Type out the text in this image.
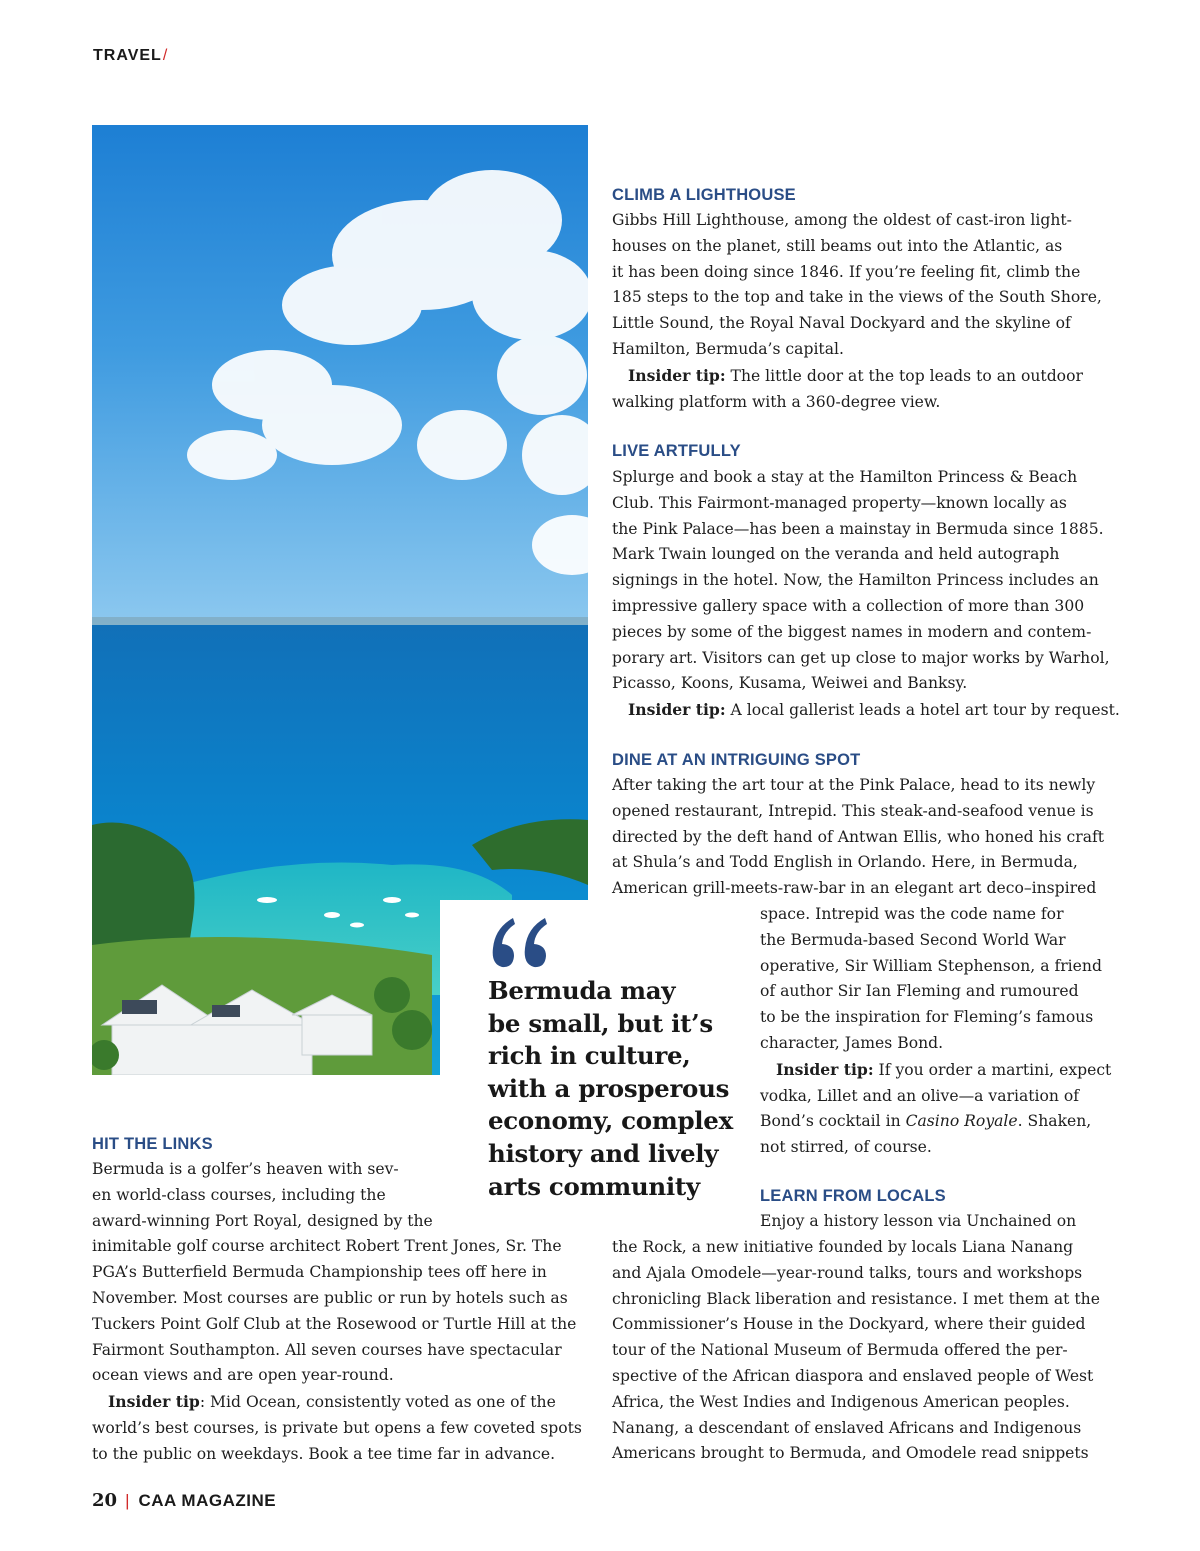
TRAVEL/
Bermuda may
be small, but it’s
rich in culture,
with a prosperous
economy, complex
history and lively
arts community
CLIMB A LIGHTHOUSE
Gibbs Hill Lighthouse, among the oldest of cast-iron light-
houses on the planet, still beams out into the Atlantic, as
it has been doing since 1846. If you’re feeling fit, climb the
185 steps to the top and take in the views of the South Shore,
Little Sound, the Royal Naval Dockyard and the skyline of
Hamilton, Bermuda’s capital.
Insider tip: The little door at the top leads to an outdoor
walking platform with a 360-degree view.
LIVE ARTFULLY
Splurge and book a stay at the Hamilton Princess & Beach
Club. This Fairmont-managed property—known locally as
the Pink Palace—has been a mainstay in Bermuda since 1885.
Mark Twain lounged on the veranda and held autograph
signings in the hotel. Now, the Hamilton Princess includes an
impressive gallery space with a collection of more than 300
pieces by some of the biggest names in modern and contem-
porary art. Visitors can get up close to major works by Warhol,
Picasso, Koons, Kusama, Weiwei and Banksy.
Insider tip: A local gallerist leads a hotel art tour by request.
DINE AT AN INTRIGUING SPOT
After taking the art tour at the Pink Palace, head to its newly
opened restaurant, Intrepid. This steak-and-seafood venue is
directed by the deft hand of Antwan Ellis, who honed his craft
at Shula’s and Todd English in Orlando. Here, in Bermuda,
American grill-meets-raw-bar in an elegant art deco–inspired
space. Intrepid was the code name for
the Bermuda-based Second World War
operative, Sir William Stephenson, a friend
of author Sir Ian Fleming and rumoured
to be the inspiration for Fleming’s famous
character, James Bond.
Insider tip: If you order a martini, expect
vodka, Lillet and an olive—a variation of
Bond’s cocktail in Casino Royale. Shaken,
not stirred, of course.
LEARN FROM LOCALS
Enjoy a history lesson via Unchained on
the Rock, a new initiative founded by locals Liana Nanang
and Ajala Omodele—year-round talks, tours and workshops
chronicling Black liberation and resistance. I met them at the
Commissioner’s House in the Dockyard, where their guided
tour of the National Museum of Bermuda offered the per-
spective of the African diaspora and enslaved people of West
Africa, the West Indies and Indigenous American peoples.
Nanang, a descendant of enslaved Africans and Indigenous
Americans brought to Bermuda, and Omodele read snippets
HIT THE LINKS
Bermuda is a golfer’s heaven with sev-
en world-class courses, including the
award-winning Port Royal, designed by the
inimitable golf course architect Robert Trent Jones, Sr. The
PGA’s Butterfield Bermuda Championship tees off here in
November. Most courses are public or run by hotels such as
Tuckers Point Golf Club at the Rosewood or Turtle Hill at the
Fairmont Southampton. All seven courses have spectacular
ocean views and are open year-round.
Insider tip: Mid Ocean, consistently voted as one of the
world’s best courses, is private but opens a few coveted spots
to the public on weekdays. Book a tee time far in advance.
20 | CAA MAGAZINE
